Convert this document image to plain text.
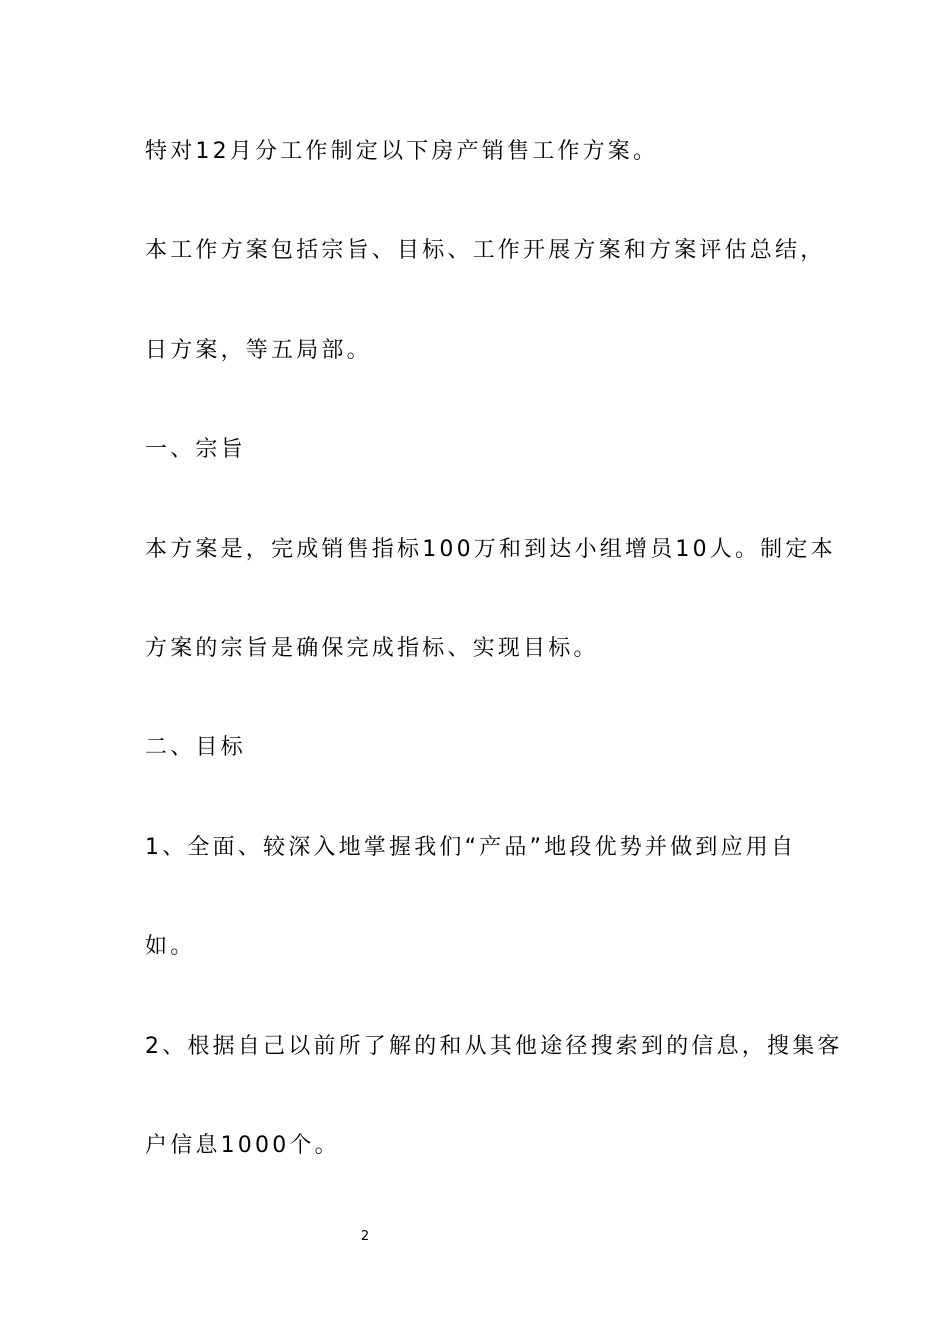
特对12月分工作制定以下房产销售工作方案。
本工作方案包括宗旨、目标、工作开展方案和方案评估总结，
日方案，等五局部。
一、宗旨
本方案是，完成销售指标100万和到达小组增员10人。制定本
方案的宗旨是确保完成指标、实现目标。
二、目标
1、全面、较深入地掌握我们“产品”地段优势并做到应用自
如。
2、根据自己以前所了解的和从其他途径搜索到的信息，搜集客
户信息1000个。
2
